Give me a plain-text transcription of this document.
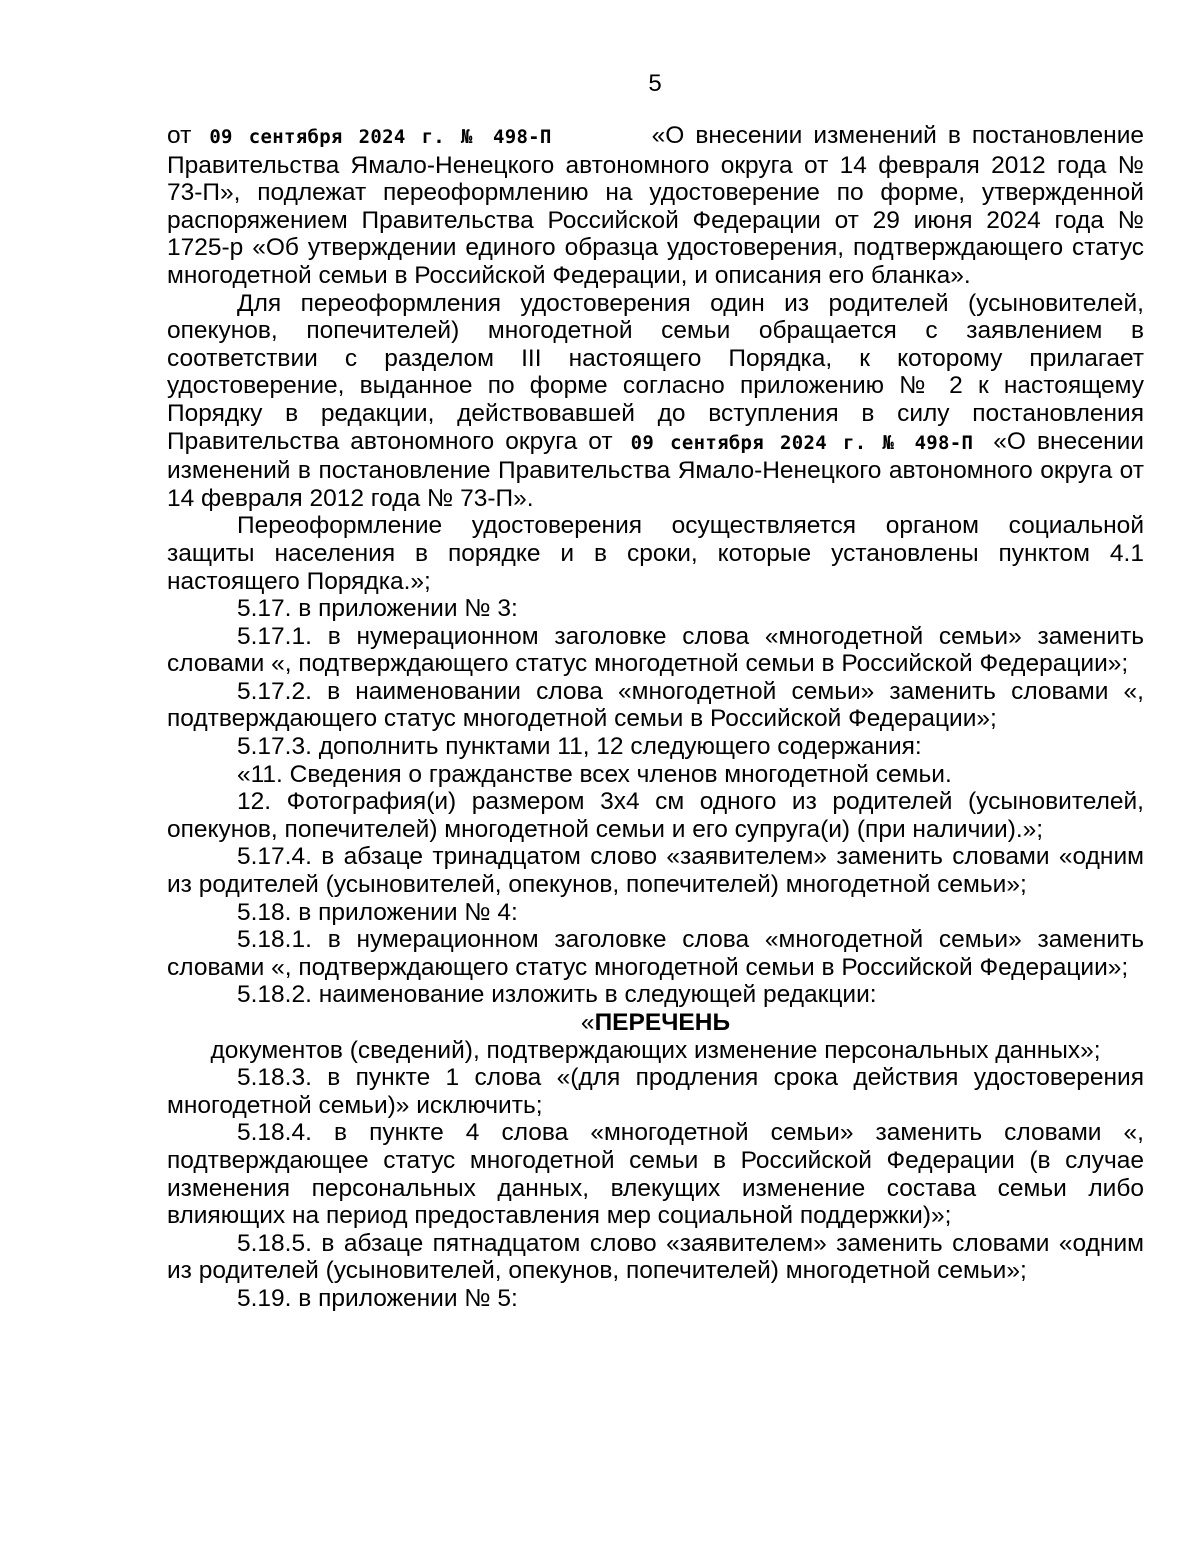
5

от 09 сентября 2024 г. № 498-П	«О внесении изменений в постановление Правительства Ямало-Ненецкого автономного округа от 14 февраля 2012 года № 73-П», подлежат переоформлению на удостоверение по форме, утвержденной распоряжением Правительства Российской Федерации от 29 июня 2024 года № 1725-р «Об утверждении единого образца удостоверения, подтверждающего статус многодетной семьи в Российской Федерации, и описания его бланка».

Для переоформления удостоверения один из родителей (усыновителей, опекунов, попечителей) многодетной семьи обращается с заявлением в соответствии с разделом III настоящего Порядка, к которому прилагает удостоверение, выданное по форме согласно приложению № 2 к настоящему Порядку в редакции, действовавшей до вступления в силу постановления Правительства автономного округа от 09 сентября 2024 г. № 498-П «О внесении изменений в постановление Правительства Ямало-Ненецкого автономного округа от 14 февраля 2012 года № 73-П».

Переоформление удостоверения осуществляется органом социальной защиты населения в порядке и в сроки, которые установлены пунктом 4.1 настоящего Порядка.»;

5.17. в приложении № 3:

5.17.1. в нумерационном заголовке слова «многодетной семьи» заменить словами «, подтверждающего статус многодетной семьи в Российской Федерации»;

5.17.2. в наименовании слова «многодетной семьи» заменить словами «, подтверждающего статус многодетной семьи в Российской Федерации»;

5.17.3. дополнить пунктами 11, 12 следующего содержания:

«11. Сведения о гражданстве всех членов многодетной семьи.

12. Фотография(и) размером 3х4 см одного из родителей (усыновителей, опекунов, попечителей) многодетной семьи и его супруга(и) (при наличии).»;

5.17.4. в абзаце тринадцатом слово «заявителем» заменить словами «одним из родителей (усыновителей, опекунов, попечителей) многодетной семьи»;

5.18. в приложении № 4:

5.18.1. в нумерационном заголовке слова «многодетной семьи» заменить словами «, подтверждающего статус многодетной семьи в Российской Федерации»;

5.18.2. наименование изложить в следующей редакции:

«ПЕРЕЧЕНЬ

документов (сведений), подтверждающих изменение персональных данных»;

5.18.3. в пункте 1 слова «(для продления срока действия удостоверения многодетной семьи)» исключить;

5.18.4. в пункте 4 слова «многодетной семьи» заменить словами «, подтверждающее статус многодетной семьи в Российской Федерации (в случае изменения персональных данных, влекущих изменение состава семьи либо влияющих на период предоставления мер социальной поддержки)»;

5.18.5. в абзаце пятнадцатом слово «заявителем» заменить словами «одним из родителей (усыновителей, опекунов, попечителей) многодетной семьи»;

5.19. в приложении № 5:
